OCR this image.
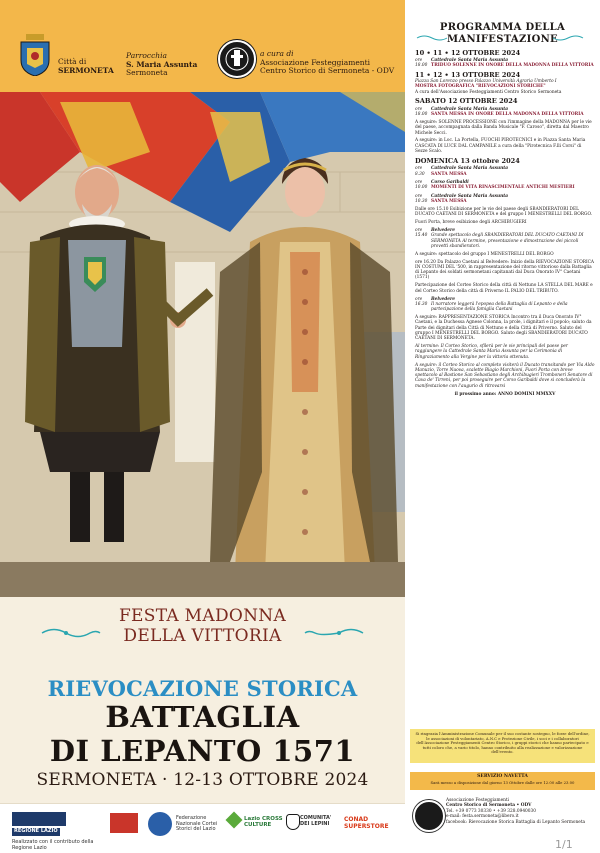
Città di
SERMONETA
Parrocchia
S. Maria Assunta
Sermoneta
a cura di
Associazione Festeggiamenti
Centro Storico di Sermoneta - ODV
FESTA MADONNA
DELLA VITTORIA
RIEVOCAZIONE STORICA
BATTAGLIA
DI LEPANTO 1571
SERMONETA · 12-13 OTTOBRE 2024
REGIONE LAZIO
Realizzato con il contributo della Regione Lazio
Federazione Nazionale Cortei Storici del Lazio
Lazio CROSS CULTURE
COMUNITA' DEI LEPINI
CONAD SUPERSTORE
PROGRAMMA DELLA
MANIFESTAZIONE
10 • 11 • 12 OTTOBRE 2024
ore 18.00
Cattedrale Santa Maria Assunta
TRIDUO SOLENNE IN ONORE DELLA MADONNA DELLA VITTORIA
11 • 12 • 13 OTTOBRE 2024
Piazza San Lorenzo presso Palazzo Università Agraria Umberto I
MOSTRA FOTOGRAFICA "RIEVOCAZIONI STORICHE"
A cura dell'Associazione Festeggiamenti Centro Storico Sermoneta
SABATO 12 OTTOBRE 2024
ore 18.00
Cattedrale Santa Maria Assunta
SANTA MESSA IN ONORE DELLA MADONNA DELLA VITTORIA
A seguire: SOLENNE PROCESSIONE con l'immagine della MADONNA per le vie del paese, accompagnata dalla Banda Musicale "F. Caroso", diretta dal Maestro Michele Secci.
A seguire: in Loc. La Portella, FUOCHI PIROTECNICI e in Piazza Santa Maria CASCATA DI LUCE DAL CAMPANILE a cura della "Pirotecnica F.lli Corsi" di Sezze Scalo.
DOMENICA 13 ottobre 2024
ore 8.30
Cattedrale Santa Maria Assunta
SANTA MESSA
ore 10.00
Corso Garibaldi
MOMENTI DI VITA RINASCIMENTALE ANTICHI MESTIERI
ore 10.30
Cattedrale Santa Maria Assunta
SANTA MESSA
Dalle ore 15.10 Esibizione per le vie del paese degli SBANDIERATORI DEL DUCATO CAETANI DI SERMONETA e del gruppo I MENESTRELLI DEL BORGO.
Fuori Porta, breve esibizione degli ARCHIBUGIERI
ore 15.40
Belvedere
Grande spettacolo degli SBANDIERATORI DEL DUCATO CAETANI DI SERMONETA Al termine, presentazione e dimostrazione dei piccoli provetti sbandieratori.
A seguire: spettacolo del gruppo I MENESTRELLI DEL BORGO
ore 16.20 Da Palazzo Caetani al Belvedere: Inizio della RIEVOCAZIONE STORICA IN COSTUMI DEL '500, in rappresentazione del ritorno vittorioso dalla Battaglia di Lepanto dei soldati sermonetani capitanati dal Duca Onorato IV° Caetani (1571)
Partecipazione del Corteo Storico della città di Nettuno LA STELLA DEL MARE e del Corteo Storico della città di Priverno IL PALIO DEL TRIBUTO.
ore 16.30
Belvedere
Il narratore leggerà l'epopea della Battaglia di Lepanto e della partecipazione della famiglia Caetani
A seguire: RAPPRESENTAZIONE STORICA Incontro tra il Duca Onorato IV° Caetani, e la Duchessa Agnese Colonna, la prole, i dignitari e il popolo; saluto da Parte dei dignitari della Città di Nettuno e della Città di Priverno. Saluto del gruppo I MENESTRELLI DEL BORGO. Saluto degli SBANDIERATORI DUCATO CAETANI DI SERMONETA.
Al termine: Il Corteo Storico, sfilerà per le vie principali del paese per raggiungere la Cattedrale Santa Maria Assunta per la Cerimonia di Ringraziamento alla Vergine per la vittoria ottenuta.
A seguire: il Corteo Storico al completo visiterà il Ducato transitando per Via Aldo Manuzio, Torre Nuova, scalette Biagio Marchioni, Fuori Porta con breve spettacolo al Bastione San Sebastiano degli Archibugieri Tromboneri Senatore di Cava de' Tirreni, per poi proseguire per Corso Garibaldi dove si concluderà la manifestazione con l'augurio di ritrovarsi
il prossimo anno: ANNO DOMINI MMXXV
Si ringrazia l'Amministrazione Comunale per il suo costante sostegno, le forze dell'ordine, le associazioni di volontariato, A.N.C e Protezione Civile, i soci e i collaboratori dell'Associazione Festeggiamenti Centro Storico, i gruppi storici che hanno partecipato e tutti coloro che, a vario titolo, hanno contribuito alla realizzazione e valorizzazione dell'evento.
SERVIZIO NAVETTA
Sarà messo a disposizione dal giorno 13 Ottobre dalle ore 12.00 alle 23.00
Associazione Festeggiamenti
Centro Storico di Sermoneta • ODV
Tel. +39 0773 30330 • +39 328.0940030
e-mail: festa.sermoneta@libero.it
facebook: Rievocazione Storica Battaglia di Lepanto Sermoneta
1/1
